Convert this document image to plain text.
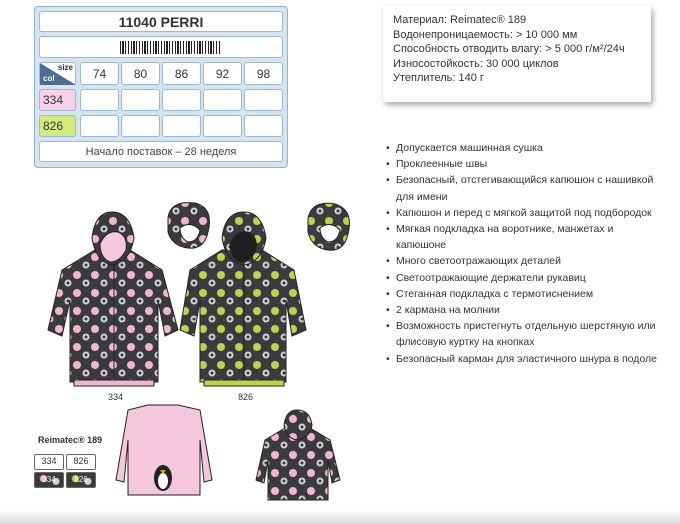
11040 PERRI
size
col	74	80	86	92	98
334
826
Начало поставок – 28 неделя
Материал: Reimatec® 189
Водонепроницаемость: > 10 000 мм
Способность отводить влагу: > 5 000 г/м²/24ч
Износостойкость: 30 000 циклов
Утеплитель: 140 г
• Допускается машинная сушка
• Проклеенные швы
• Безопасный, отстегивающийся капюшон с нашивкой для имени
• Капюшон и перед с мягкой защитой под подбородок
• Мягкая подкладка на воротнике, манжетах и капюшоне
• Много светоотражающих деталей
• Светоотражающие держатели рукавиц
• Стеганная подкладка с термотиснением
• 2 кармана на молнии
• Возможность пристегнуть отдельную шерстяную или флисовую куртку на кнопках
• Безопасный карман для эластичного шнура в подоле
334	826
Reimatec® 189
334	826
334	826
